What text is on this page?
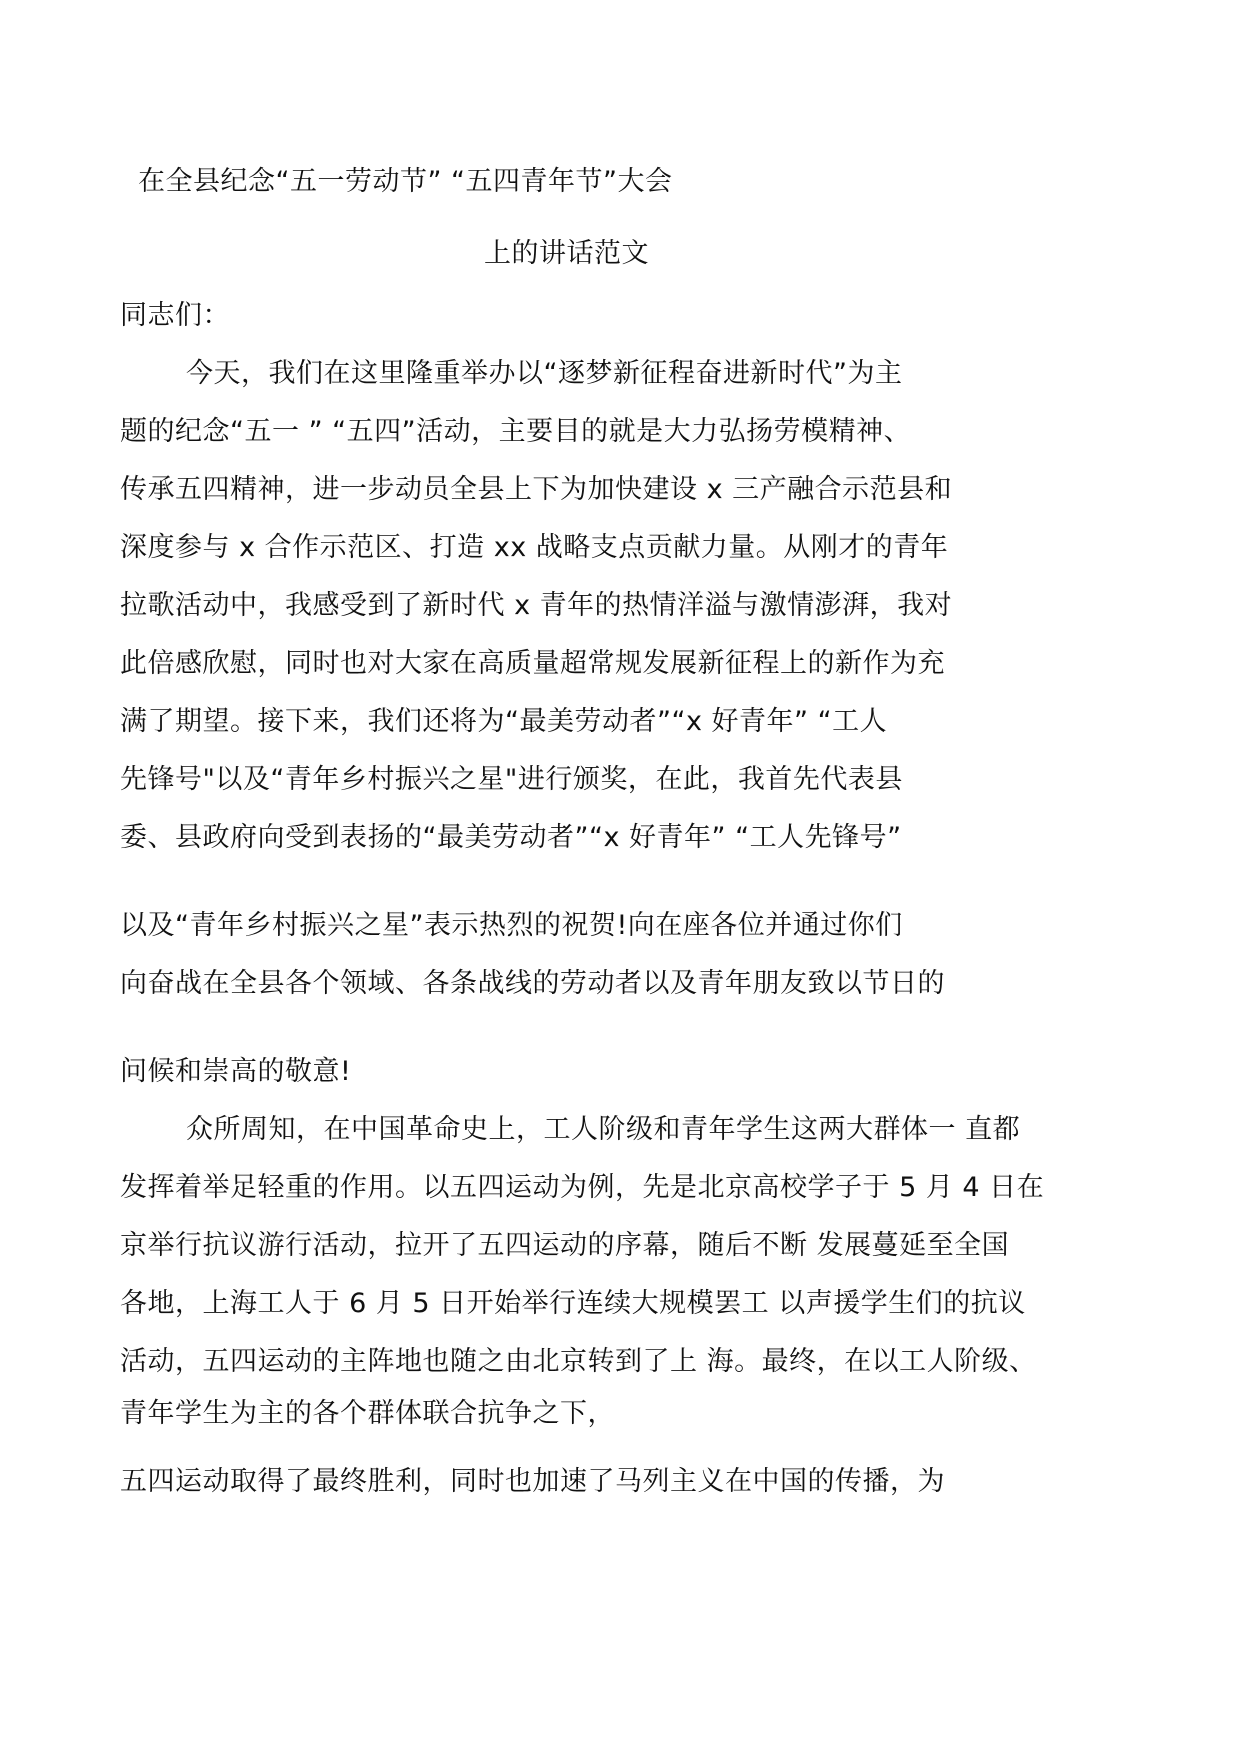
在全县纪念“五一劳动节” “五四青年节”大会
上的讲话范文
同志们：
今天，我们在这里隆重举办以“逐梦新征程奋进新时代”为主
题的纪念“五一 ” “五四”活动，主要目的就是大力弘扬劳模精神、
传承五四精神，进一步动员全县上下为加快建设 x 三产融合示范县和
深度参与 x 合作示范区、打造 xx 战略支点贡献力量。从刚才的青年
拉歌活动中，我感受到了新时代 x 青年的热情洋溢与激情澎湃，我对
此倍感欣慰，同时也对大家在高质量超常规发展新征程上的新作为充
满了期望。接下来，我们还将为“最美劳动者”“x 好青年” “工人
先锋号"以及“青年乡村振兴之星"进行颁奖，在此，我首先代表县
委、县政府向受到表扬的“最美劳动者”“x 好青年” “工人先锋号”
以及“青年乡村振兴之星”表示热烈的祝贺!向在座各位并通过你们
向奋战在全县各个领域、各条战线的劳动者以及青年朋友致以节日的
问候和崇高的敬意!
众所周知，在中国革命史上，工人阶级和青年学生这两大群体一 直都
发挥着举足轻重的作用。以五四运动为例，先是北京高校学子于 5 月 4 日在
京举行抗议游行活动，拉开了五四运动的序幕，随后不断 发展蔓延至全国
各地，上海工人于 6 月 5 日开始举行连续大规模罢工 以声援学生们的抗议
活动，五四运动的主阵地也随之由北京转到了上 海。最终，在以工人阶级、
青年学生为主的各个群体联合抗争之下，
五四运动取得了最终胜利，同时也加速了马列主义在中国的传播，为
